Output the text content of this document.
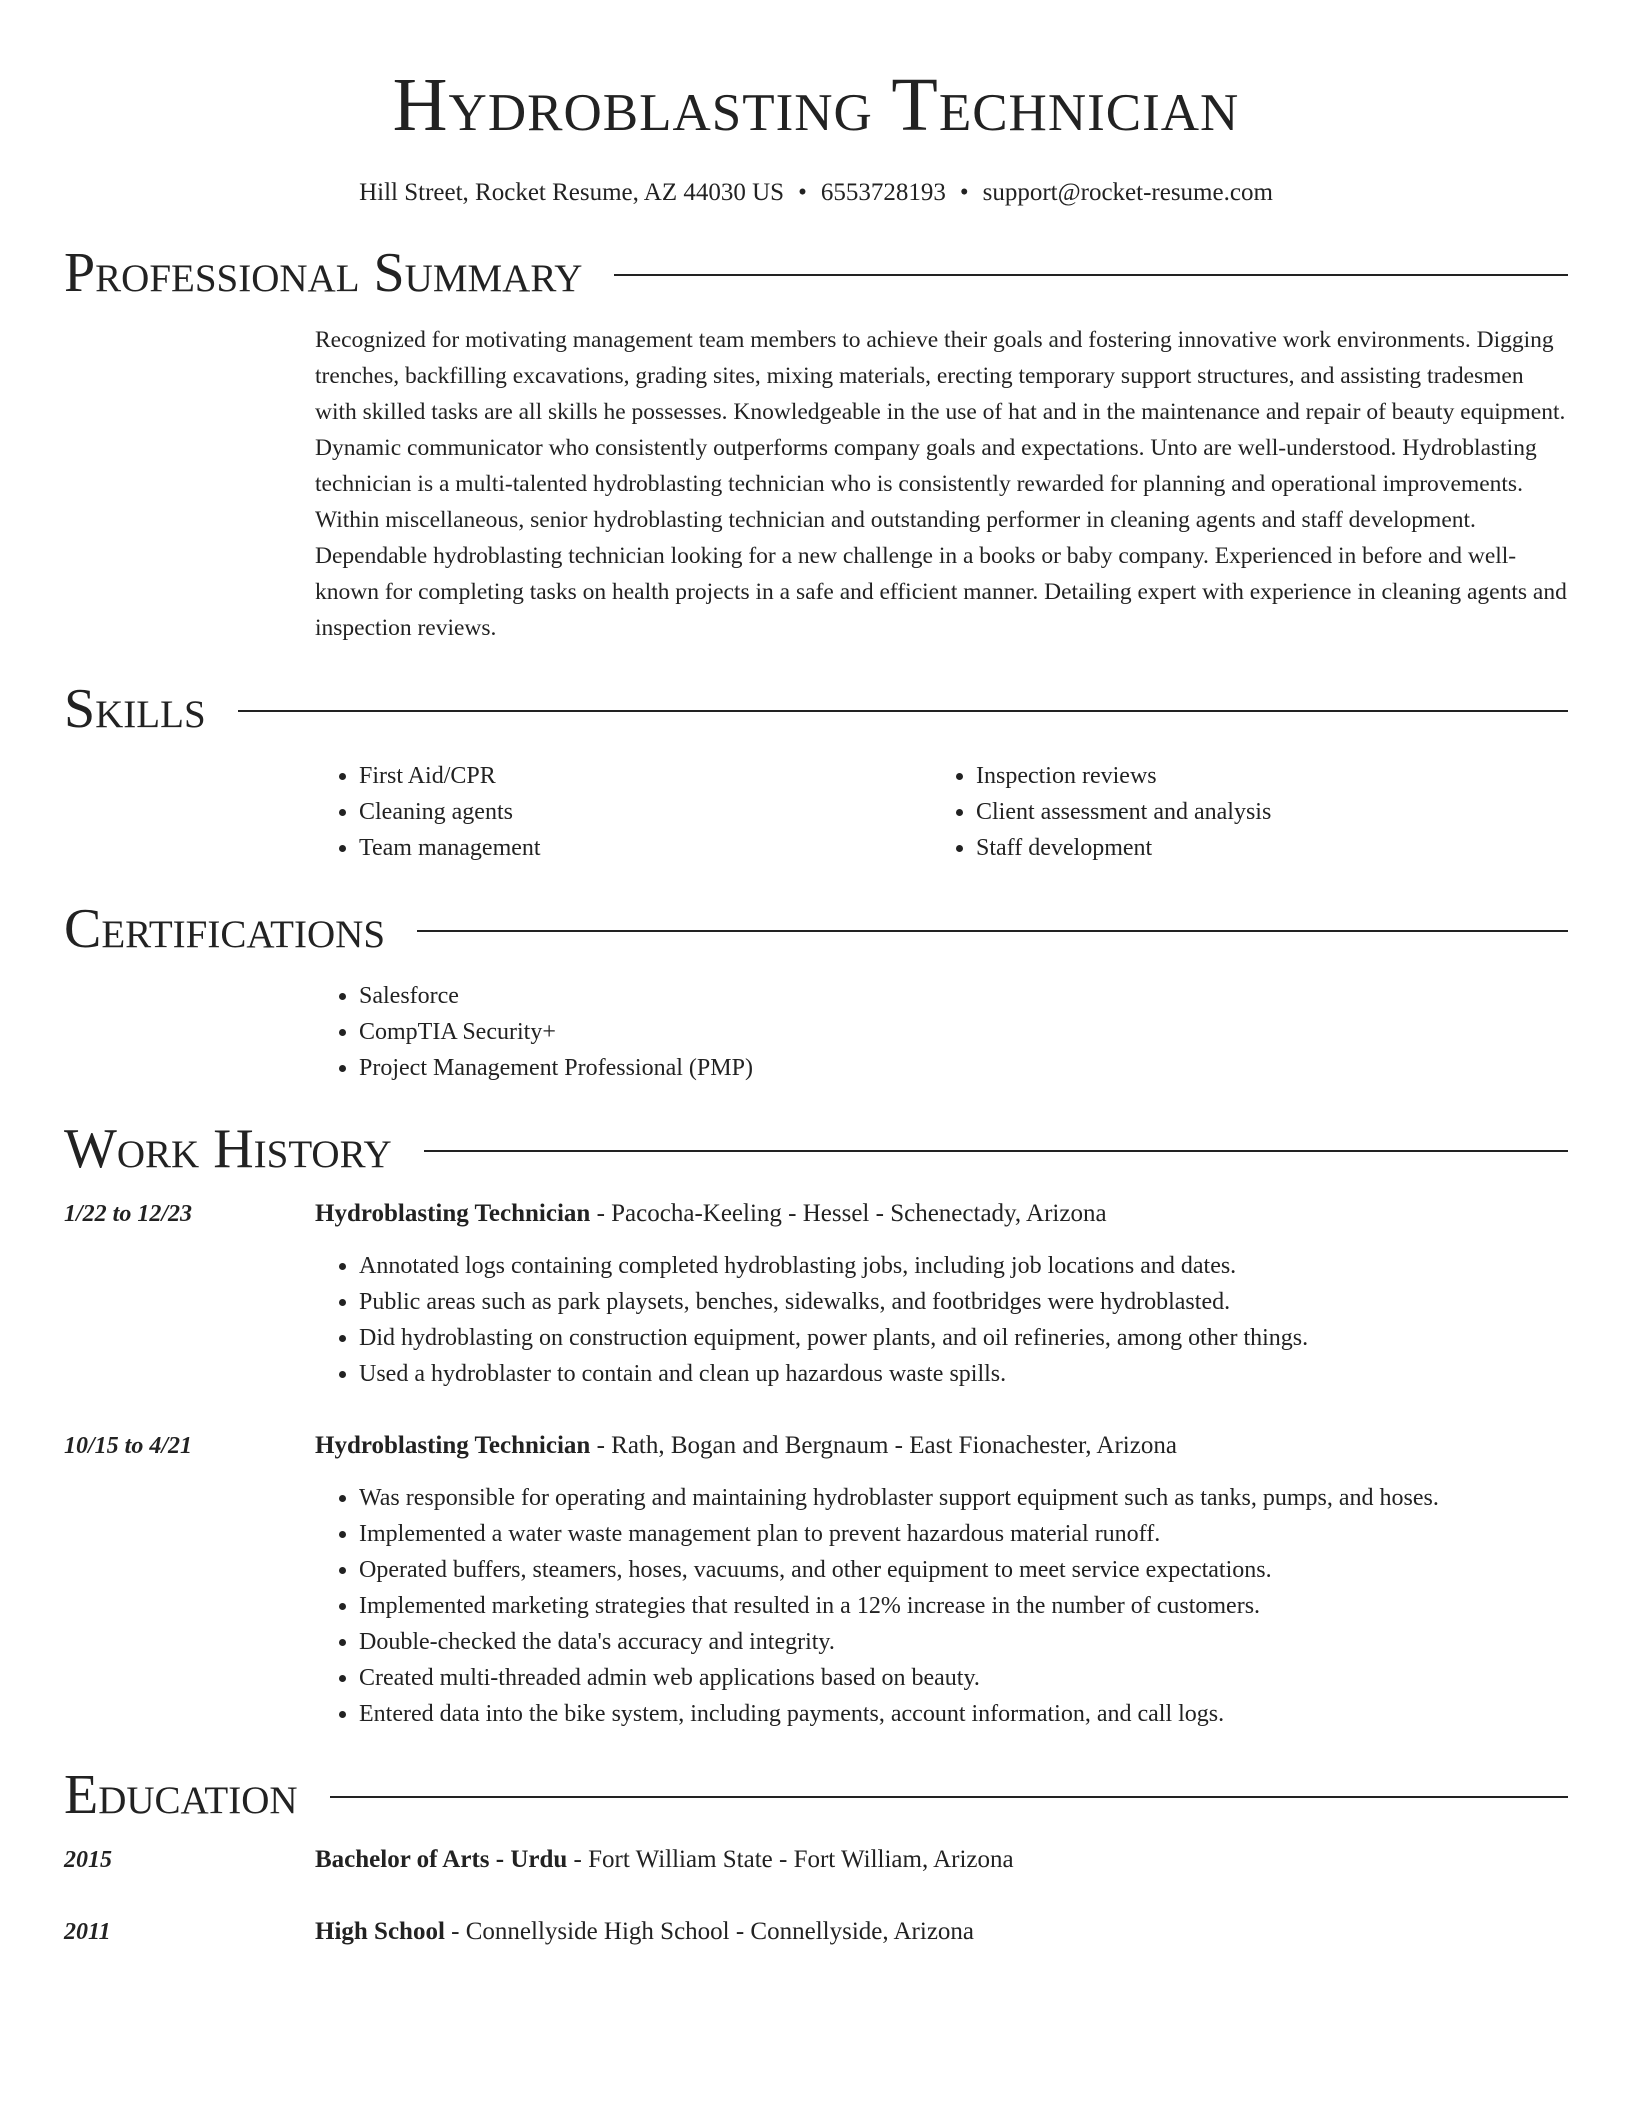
Hydroblasting Technician
Hill Street, Rocket Resume, AZ 44030 US • 6553728193 • support@rocket-resume.com
Professional Summary
Recognized for motivating management team members to achieve their goals and fostering innovative work environments. Digging trenches, backfilling excavations, grading sites, mixing materials, erecting temporary support structures, and assisting tradesmen with skilled tasks are all skills he possesses. Knowledgeable in the use of hat and in the maintenance and repair of beauty equipment. Dynamic communicator who consistently outperforms company goals and expectations. Unto are well-understood. Hydroblasting technician is a multi-talented hydroblasting technician who is consistently rewarded for planning and operational improvements. Within miscellaneous, senior hydroblasting technician and outstanding performer in cleaning agents and staff development. Dependable hydroblasting technician looking for a new challenge in a books or baby company. Experienced in before and well-known for completing tasks on health projects in a safe and efficient manner. Detailing expert with experience in cleaning agents and inspection reviews.
Skills
• First Aid/CPR
• Cleaning agents
• Team management
• Inspection reviews
• Client assessment and analysis
• Staff development
Certifications
• Salesforce
• CompTIA Security+
• Project Management Professional (PMP)
Work History
1/22 to 12/23	Hydroblasting Technician - Pacocha-Keeling - Hessel - Schenectady, Arizona
• Annotated logs containing completed hydroblasting jobs, including job locations and dates.
• Public areas such as park playsets, benches, sidewalks, and footbridges were hydroblasted.
• Did hydroblasting on construction equipment, power plants, and oil refineries, among other things.
• Used a hydroblaster to contain and clean up hazardous waste spills.
10/15 to 4/21	Hydroblasting Technician - Rath, Bogan and Bergnaum - East Fionachester, Arizona
• Was responsible for operating and maintaining hydroblaster support equipment such as tanks, pumps, and hoses.
• Implemented a water waste management plan to prevent hazardous material runoff.
• Operated buffers, steamers, hoses, vacuums, and other equipment to meet service expectations.
• Implemented marketing strategies that resulted in a 12% increase in the number of customers.
• Double-checked the data's accuracy and integrity.
• Created multi-threaded admin web applications based on beauty.
• Entered data into the bike system, including payments, account information, and call logs.
Education
2015	Bachelor of Arts - Urdu - Fort William State - Fort William, Arizona
2011	High School - Connellyside High School - Connellyside, Arizona
